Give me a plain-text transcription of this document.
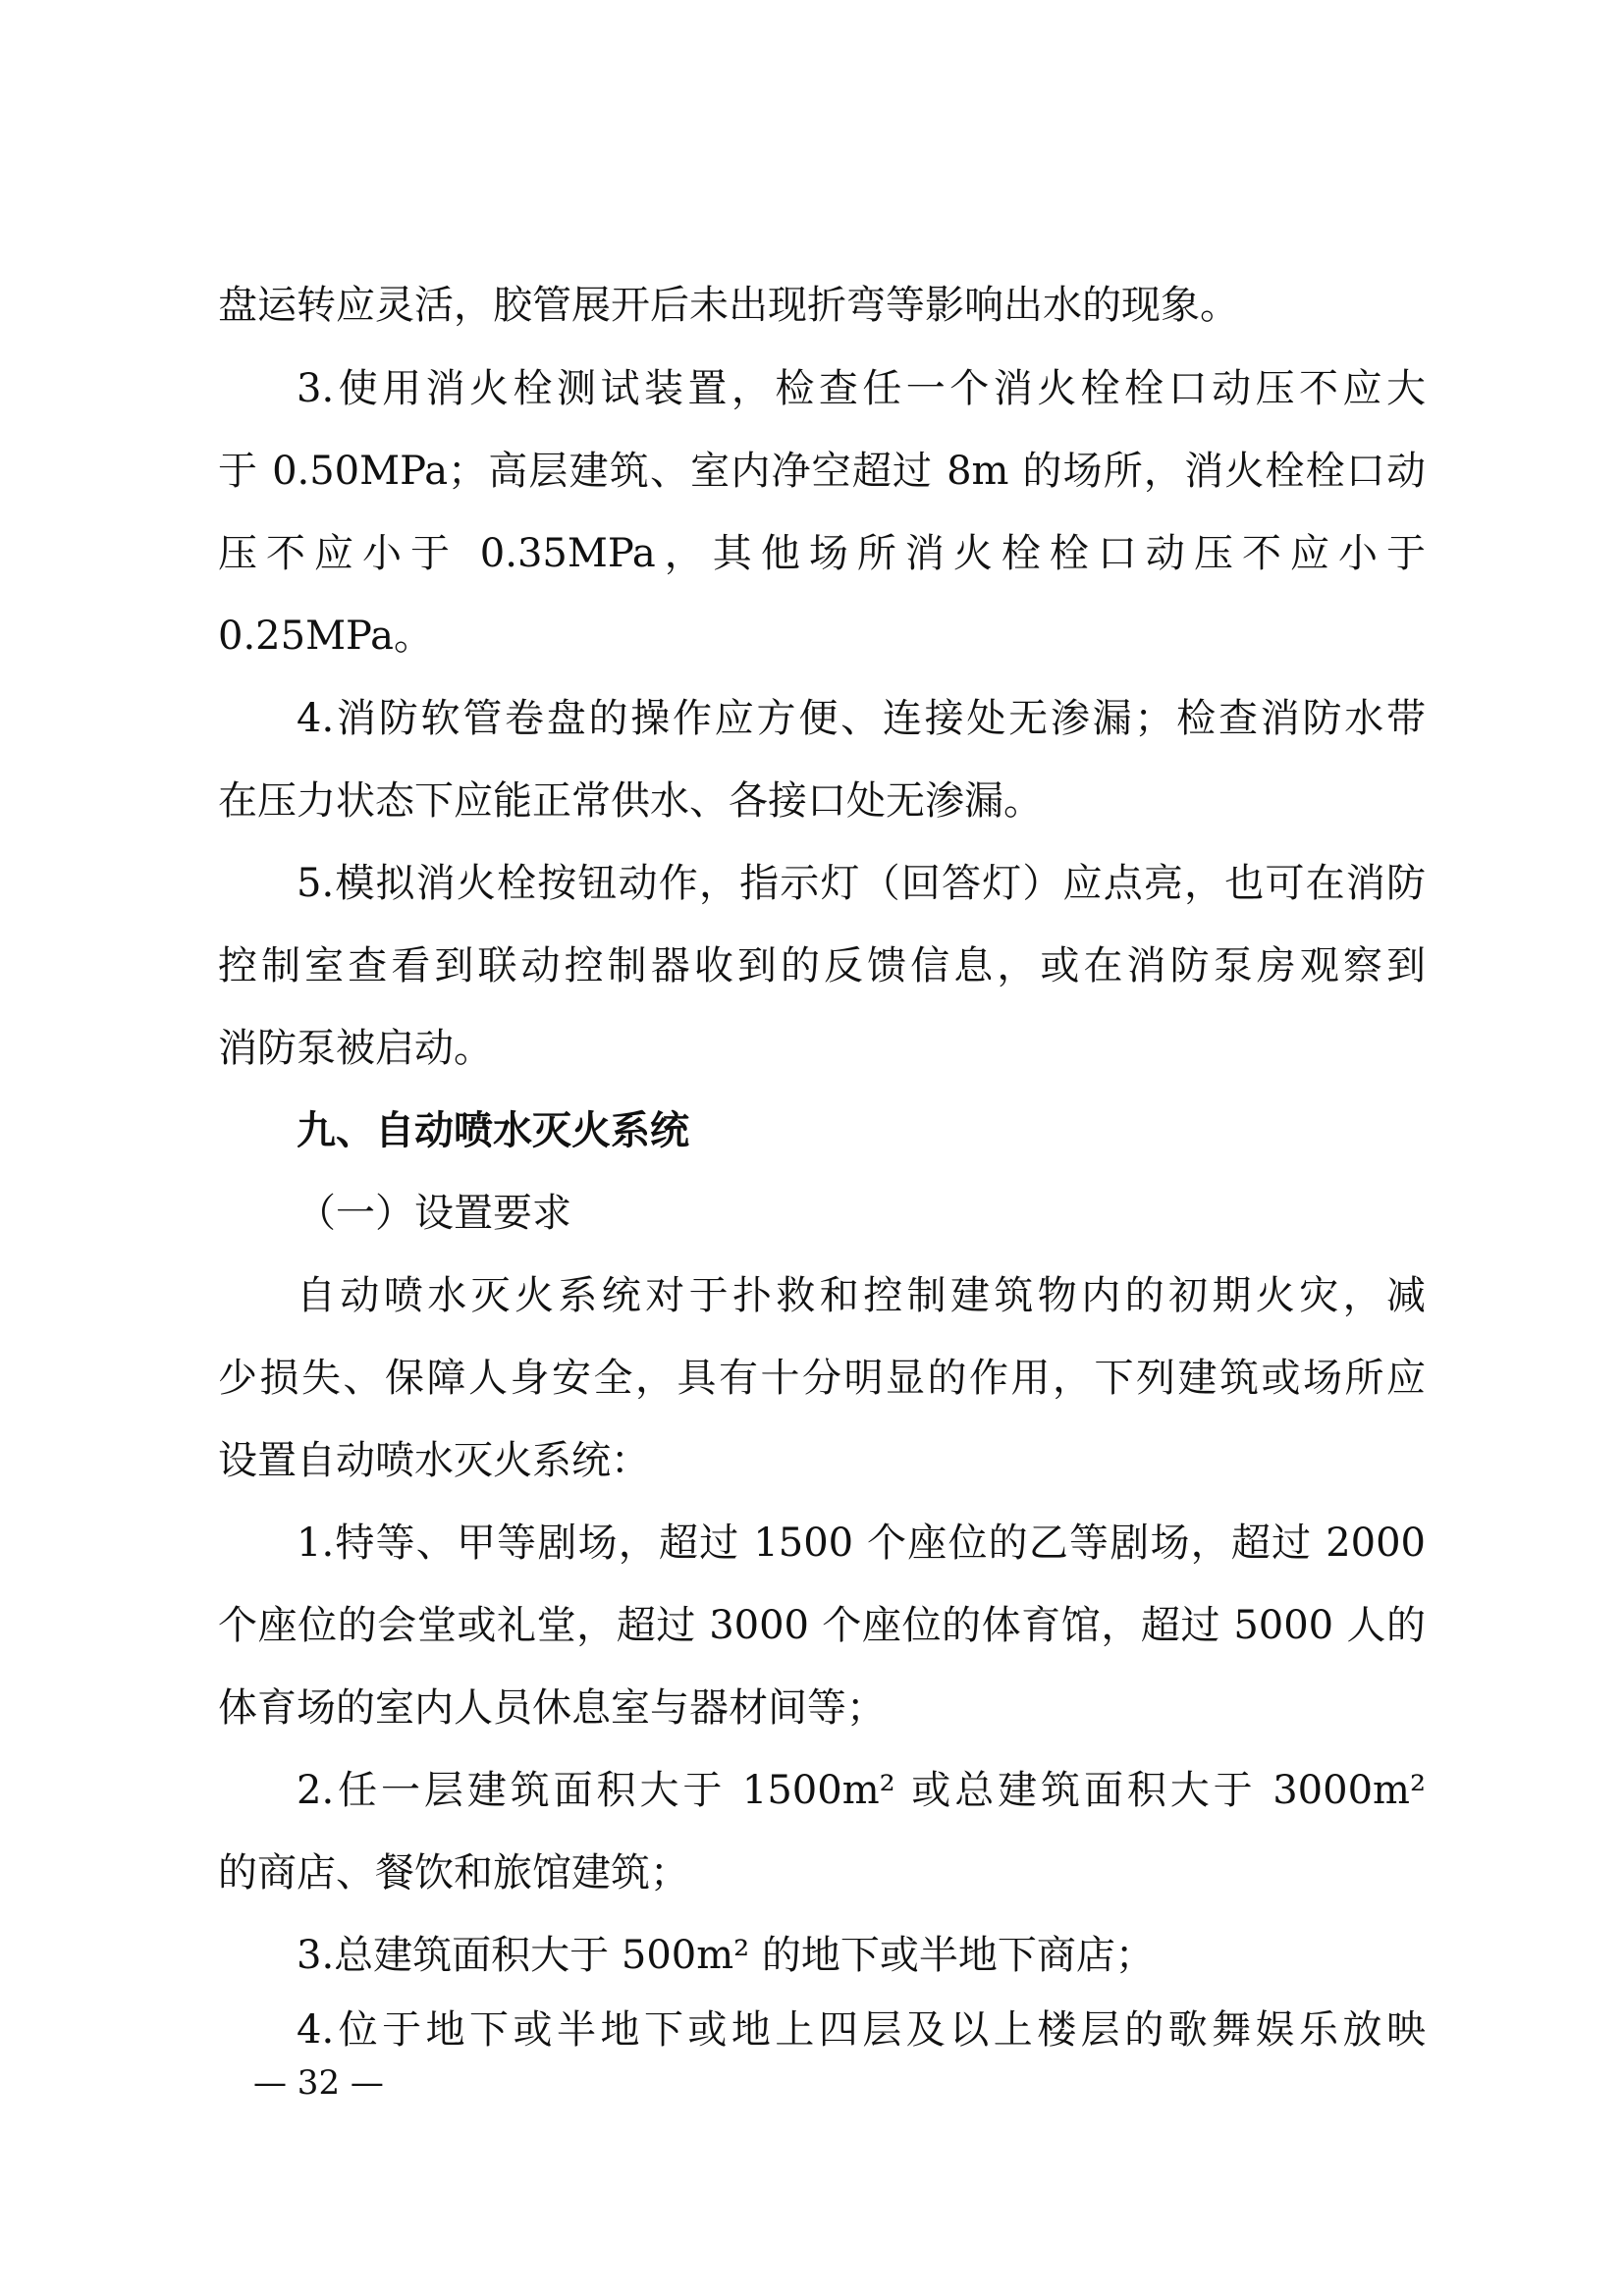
盘运转应灵活，胶管展开后未出现折弯等影响出水的现象。

3.使用消火栓测试装置，检查任一个消火栓栓口动压不应大

于 0.50MPa；高层建筑、室内净空超过 8m 的场所，消火栓栓口动

压不应小于 0.35MPa，其他场所消火栓栓口动压不应小于

0.25MPa。

4.消防软管卷盘的操作应方便、连接处无渗漏；检查消防水带

在压力状态下应能正常供水、各接口处无渗漏。

5.模拟消火栓按钮动作，指示灯（回答灯）应点亮，也可在消防

控制室查看到联动控制器收到的反馈信息，或在消防泵房观察到

消防泵被启动。

九、自动喷水灭火系统

（一）设置要求

自动喷水灭火系统对于扑救和控制建筑物内的初期火灾，减

少损失、保障人身安全，具有十分明显的作用，下列建筑或场所应

设置自动喷水灭火系统：

1.特等、甲等剧场，超过 1500 个座位的乙等剧场，超过 2000

个座位的会堂或礼堂，超过 3000 个座位的体育馆，超过 5000 人的

体育场的室内人员休息室与器材间等；

2.任一层建筑面积大于 1500m² 或总建筑面积大于 3000m²

的商店、餐饮和旅馆建筑；

3.总建筑面积大于 500m² 的地下或半地下商店；

4.位于地下或半地下或地上四层及以上楼层的歌舞娱乐放映

— 32 —
